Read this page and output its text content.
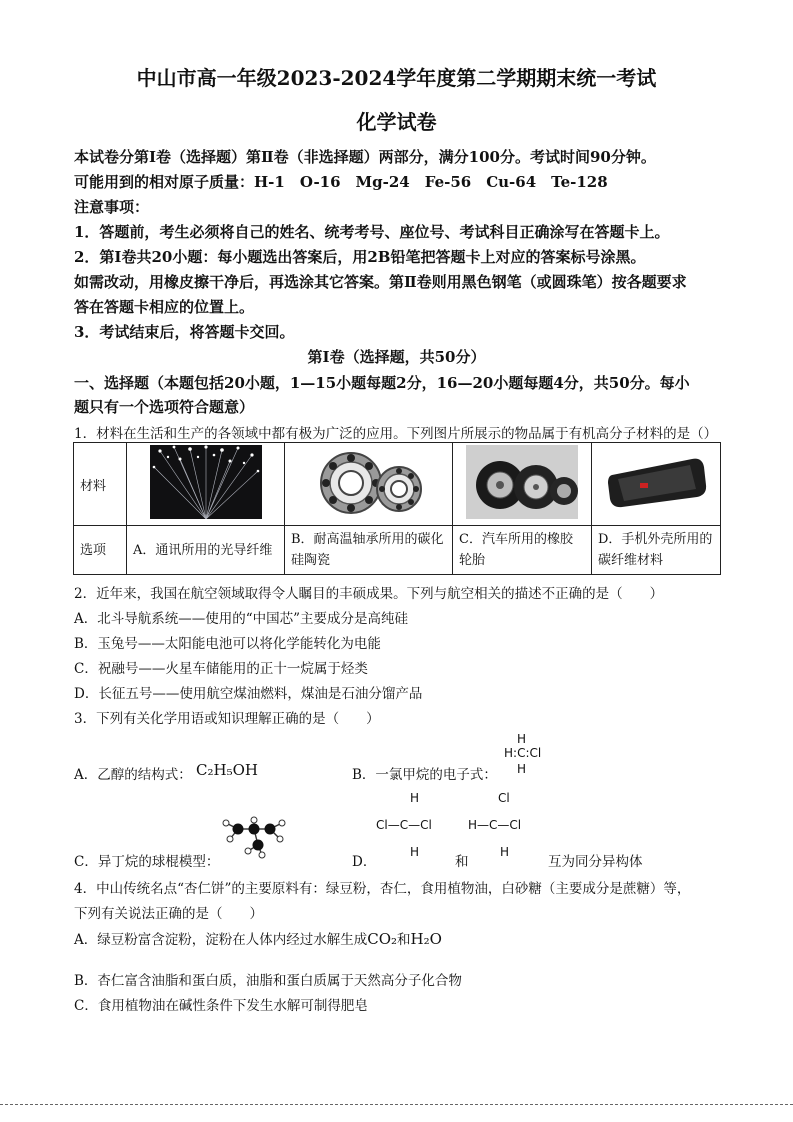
中山市高一年级2023-2024学年度第二学期期末统一考试
化学试卷
本试卷分第Ⅰ卷（选择题）第Ⅱ卷（非选择题）两部分，满分100分。考试时间90分钟。
可能用到的相对原子质量：H-1　O-16　Mg-24　Fe-56　Cu-64　Te-128
注意事项：
1．答题前，考生必须将自己的姓名、统考考号、座位号、考试科目正确涂写在答题卡上。
2．第Ⅰ卷共20小题：每小题选出答案后，用2B铅笔把答题卡上对应的答案标号涂黑。
如需改动，用橡皮擦干净后，再选涂其它答案。第Ⅱ卷则用黑色钢笔（或圆珠笔）按各题要求
答在答题卡相应的位置上。
3．考试结束后，将答题卡交回。
第Ⅰ卷（选择题，共50分）
一、选择题（本题包括20小题，1—15小题每题2分，16—20小题每题4分，共50分。每小
题只有一个选项符合题意）
1．材料在生活和生产的各领域中都有极为广泛的应用。下列图片所展示的物品属于有机高分子材料的是（）
材料				
选项	A．通讯所用的光导纤维	B．耐高温轴承所用的碳化硅陶瓷	C．汽车所用的橡胶轮胎	D．手机外壳所用的碳纤维材料
2．近年来，我国在航空领域取得令人瞩目的丰硕成果。下列与航空相关的描述不正确的是（　　）
A．北斗导航系统——使用的“中国芯”主要成分是高纯硅
B．玉兔号——太阳能电池可以将化学能转化为电能
C．祝融号——火星车储能用的正十一烷属于烃类
D．长征五号——使用航空煤油燃料，煤油是石油分馏产品
3．下列有关化学用语或知识理解正确的是（　　）
A．乙醇的结构式： C₂H₅OH	B．一氯甲烷的电子式：
H
H:C:Cl
H
C．异丁烷的球棍模型：	D．
H
Cl—C—Cl
H
和
Cl
H—C—Cl
H
互为同分异构体
4．中山传统名点“杏仁饼”的主要原料有：绿豆粉，杏仁，食用植物油，白砂糖（主要成分是蔗糖）等，
下列有关说法正确的是（　　）
A．绿豆粉富含淀粉，淀粉在人体内经过水解生成CO₂和H₂O
B．杏仁富含油脂和蛋白质，油脂和蛋白质属于天然高分子化合物
C．食用植物油在碱性条件下发生水解可制得肥皂
